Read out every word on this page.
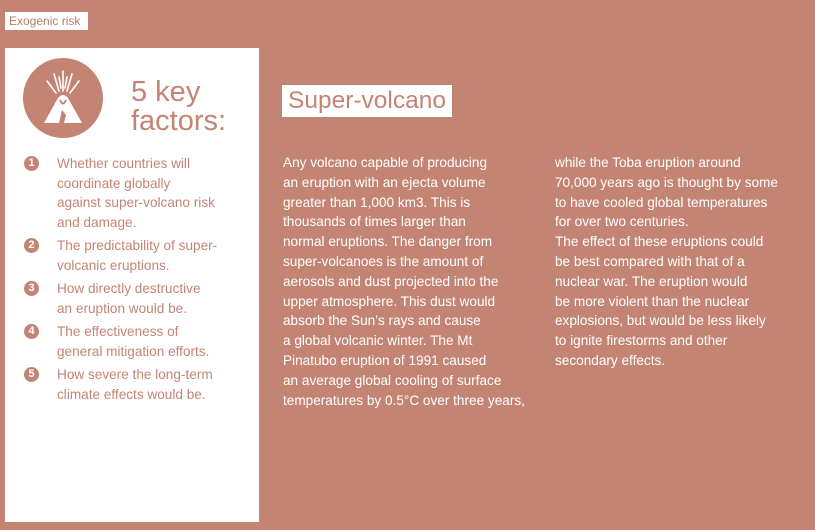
Exogenic risk
5 key
factors:
1	Whether countries will
coordinate globally
against super-volcano risk
and damage.
2	The predictability of super-
volcanic eruptions.
3	How directly destructive
an eruption would be.
4	The effectiveness of
general mitigation efforts.
5	How severe the long-term
climate effects would be.
Super-volcano
Any volcano capable of producing
an eruption with an ejecta volume
greater than 1,000 km3. This is
thousands of times larger than
normal eruptions. The danger from
super-volcanoes is the amount of
aerosols and dust projected into the
upper atmosphere. This dust would
absorb the Sun’s rays and cause
a global volcanic winter. The Mt
Pinatubo eruption of 1991 caused
an average global cooling of surface
temperatures by 0.5°C over three years,
while the Toba eruption around
70,000 years ago is thought by some
to have cooled global temperatures
for over two centuries.
The effect of these eruptions could
be best compared with that of a
nuclear war. The eruption would
be more violent than the nuclear
explosions, but would be less likely
to ignite firestorms and other
secondary effects.
